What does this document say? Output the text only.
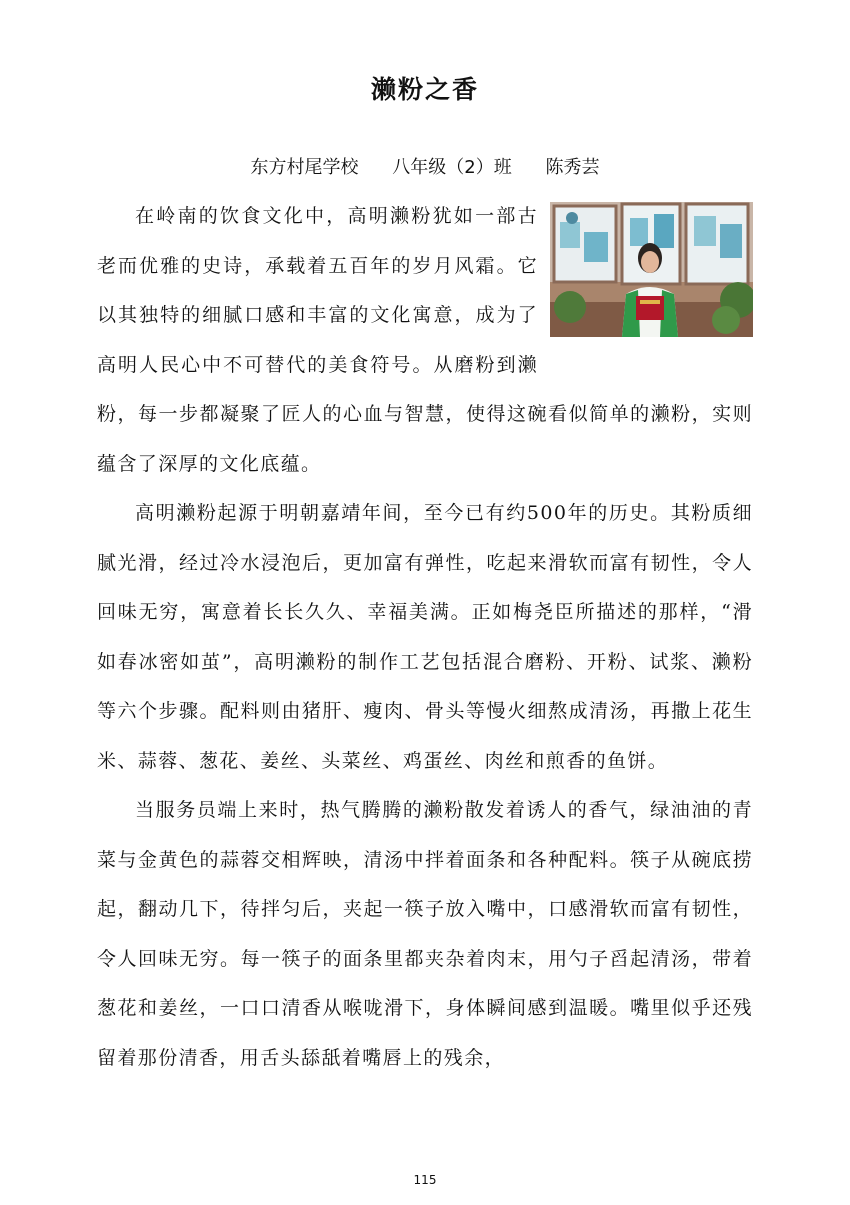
濑粉之香
东方村尾学校 八年级（2）班 陈秀芸

在岭南的饮食文化中，高明濑粉犹如一部古老而优雅的史诗，承载着五百年的岁月风霜。它以其独特的细腻口感和丰富的文化寓意，成为了高明人民心中不可替代的美食符号。从磨粉到濑粉，每一步都凝聚了匠人的心血与智慧，使得这碗看似简单的濑粉，实则蕴含了深厚的文化底蕴。

高明濑粉起源于明朝嘉靖年间，至今已有约500年的历史。其粉质细腻光滑，经过冷水浸泡后，更加富有弹性，吃起来滑软而富有韧性，令人回味无穷，寓意着长长久久、幸福美满。正如梅尧臣所描述的那样，“滑如春冰密如茧”，高明濑粉的制作工艺包括混合磨粉、开粉、试浆、濑粉等六个步骤。配料则由猪肝、瘦肉、骨头等慢火细熬成清汤，再撒上花生米、蒜蓉、葱花、姜丝、头菜丝、鸡蛋丝、肉丝和煎香的鱼饼。

当服务员端上来时，热气腾腾的濑粉散发着诱人的香气，绿油油的青菜与金黄色的蒜蓉交相辉映，清汤中拌着面条和各种配料。筷子从碗底捞起，翻动几下，待拌匀后，夹起一筷子放入嘴中，口感滑软而富有韧性，令人回味无穷。每一筷子的面条里都夹杂着肉末，用勺子舀起清汤，带着葱花和姜丝，一口口清香从喉咙滑下，身体瞬间感到温暖。嘴里似乎还残留着那份清香，用舌头舔舐着嘴唇上的残余，

115
